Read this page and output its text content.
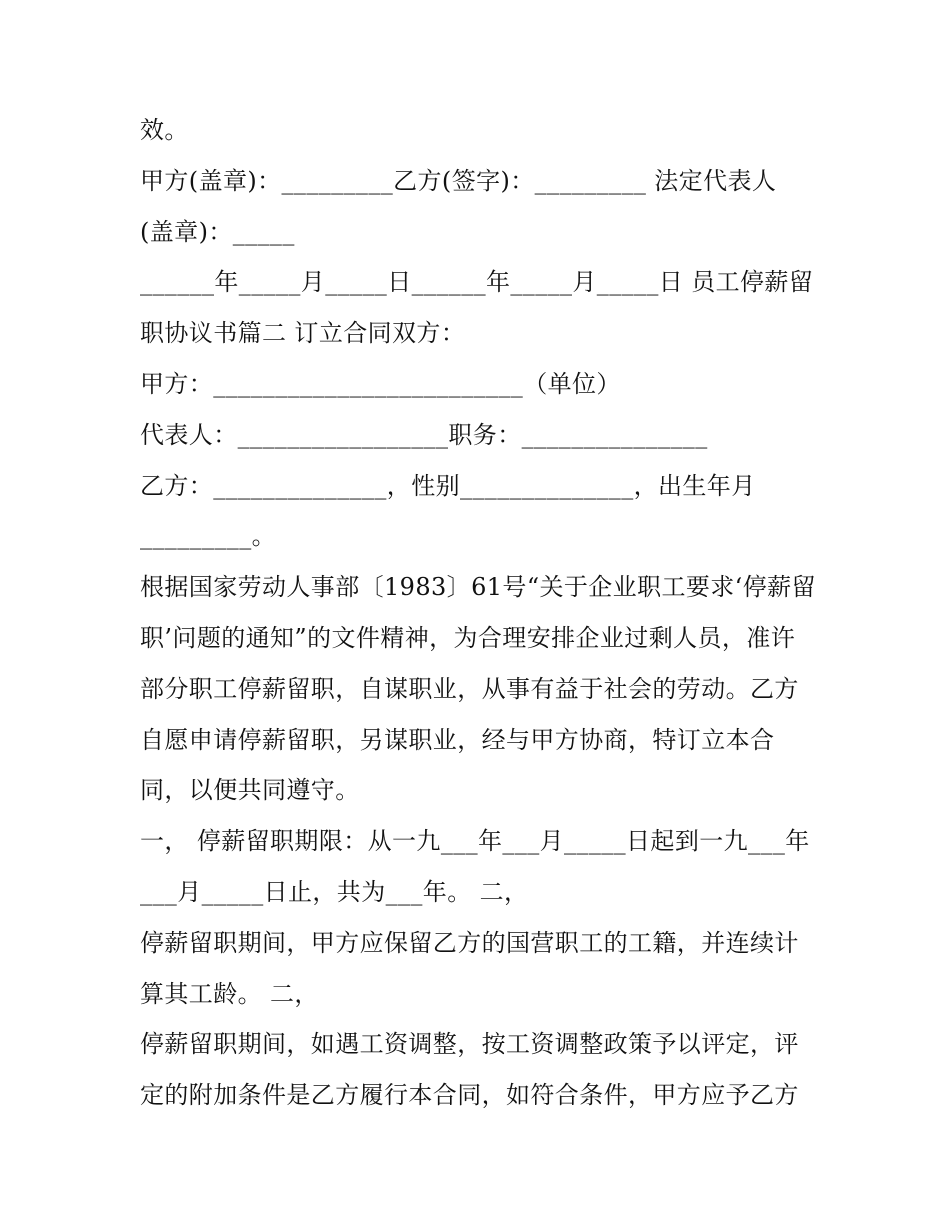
效。
甲方(盖章)：_________乙方(签字)：_________ 法定代表人
(盖章)：_____
______年_____月_____日______年_____月_____日 员工停薪留
职协议书篇二 订立合同双方：
甲方：_________________________（单位）
代表人：_________________职务：_______________
乙方：______________，性别______________，出生年月
_________。
根据国家劳动人事部〔1983〕61号“关于企业职工要求‘停薪留
职’问题的通知”的文件精神，为合理安排企业过剩人员，准许
部分职工停薪留职，自谋职业，从事有益于社会的劳动。乙方
自愿申请停薪留职，另谋职业，经与甲方协商，特订立本合
同，以便共同遵守。
一， 停薪留职期限：从一九___年___月_____日起到一九___年
___月_____日止，共为___年。 二，
停薪留职期间，甲方应保留乙方的国营职工的工籍，并连续计
算其工龄。 二，
停薪留职期间，如遇工资调整，按工资调整政策予以评定，评
定的附加条件是乙方履行本合同，如符合条件，甲方应予乙方
